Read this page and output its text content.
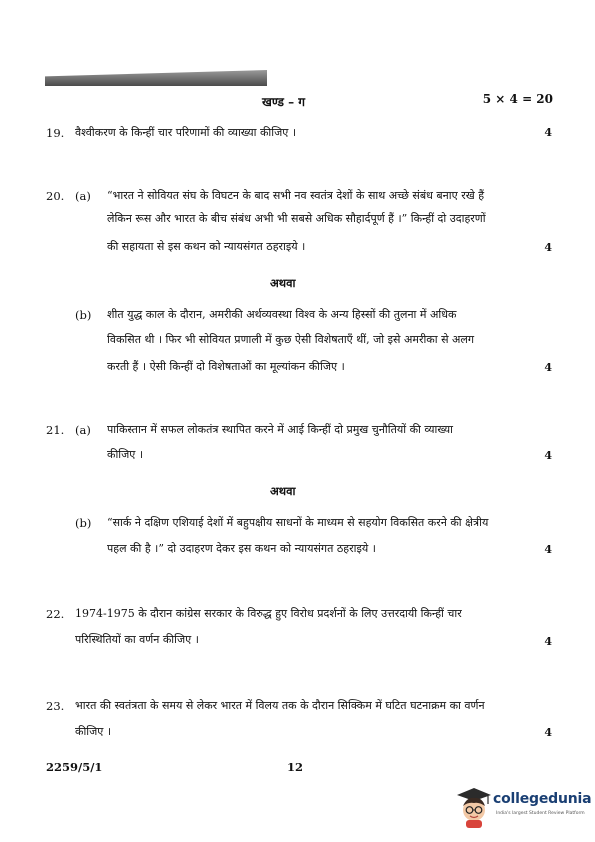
खण्ड – ग	5 × 4 = 20
19. वैश्वीकरण के किन्हीं चार परिणामों की व्याख्या कीजिए ।	4
20. (a) “भारत ने सोवियत संघ के विघटन के बाद सभी नव स्वतंत्र देशों के साथ अच्छे संबंध बनाए रखे हैं
लेकिन रूस और भारत के बीच संबंध अभी भी सबसे अधिक सौहार्दपूर्ण हैं ।” किन्हीं दो उदाहरणों
की सहायता से इस कथन को न्यायसंगत ठहराइये ।	4
अथवा
(b) शीत युद्ध काल के दौरान, अमरीकी अर्थव्यवस्था विश्व के अन्य हिस्सों की तुलना में अधिक
विकसित थी । फिर भी सोवियत प्रणाली में कुछ ऐसी विशेषताएँ थीं, जो इसे अमरीका से अलग
करती हैं । ऐसी किन्हीं दो विशेषताओं का मूल्यांकन कीजिए ।	4
21. (a) पाकिस्तान में सफल लोकतंत्र स्थापित करने में आई किन्हीं दो प्रमुख चुनौतियों की व्याख्या
कीजिए ।	4
अथवा
(b) “सार्क ने दक्षिण एशियाई देशों में बहुपक्षीय साधनों के माध्यम से सहयोग विकसित करने की क्षेत्रीय
पहल की है ।” दो उदाहरण देकर इस कथन को न्यायसंगत ठहराइये ।	4
22. 1974-1975 के दौरान कांग्रेस सरकार के विरुद्ध हुए विरोध प्रदर्शनों के लिए उत्तरदायी किन्हीं चार
परिस्थितियों का वर्णन कीजिए ।	4
23. भारत की स्वतंत्रता के समय से लेकर भारत में विलय तक के दौरान सिक्किम में घटित घटनाक्रम का वर्णन
कीजिए ।	4
2259/5/1	12
collegedunia
India's largest Student Review Platform
